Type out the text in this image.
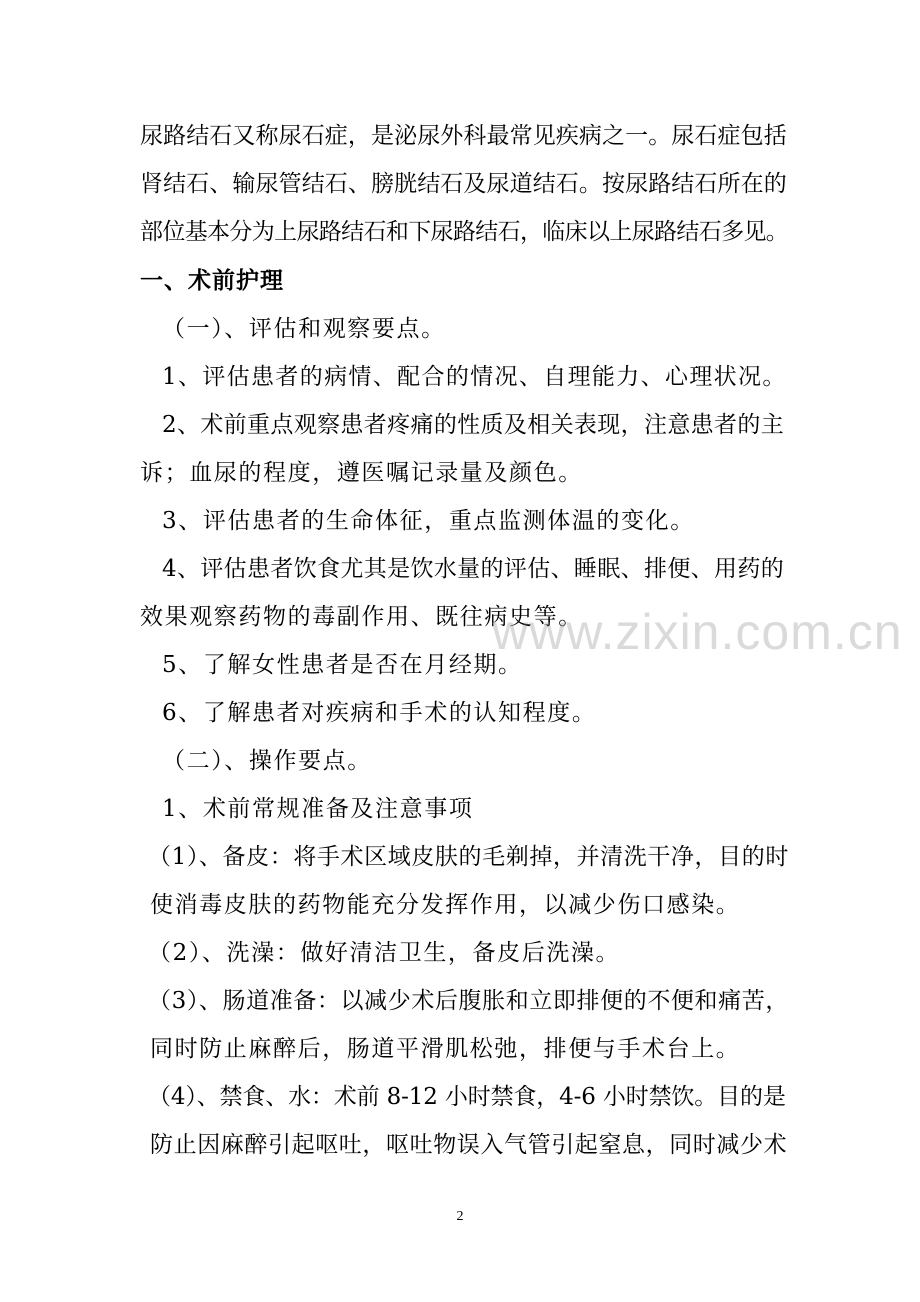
尿路结石又称尿石症，是泌尿外科最常见疾病之一。尿石症包括
肾结石、输尿管结石、膀胱结石及尿道结石。按尿路结石所在的
部位基本分为上尿路结石和下尿路结石，临床以上尿路结石多见。
一、术前护理
（一）、评估和观察要点。
1、评估患者的病情、配合的情况、自理能力、心理状况。
2、术前重点观察患者疼痛的性质及相关表现，注意患者的主
诉；血尿的程度，遵医嘱记录量及颜色。
3、评估患者的生命体征，重点监测体温的变化。
4、评估患者饮食尤其是饮水量的评估、睡眠、排便、用药的
效果观察药物的毒副作用、既往病史等。
5、了解女性患者是否在月经期。
6、了解患者对疾病和手术的认知程度。
（二）、操作要点。
1、术前常规准备及注意事项
（1）、备皮：将手术区域皮肤的毛剃掉，并清洗干净，目的时
使消毒皮肤的药物能充分发挥作用，以减少伤口感染。
（2）、洗澡：做好清洁卫生，备皮后洗澡。
（3）、肠道准备：以减少术后腹胀和立即排便的不便和痛苦，
同时防止麻醉后，肠道平滑肌松弛，排便与手术台上。
（4）、禁食、水：术前 8-12 小时禁食，4-6 小时禁饮。目的是
防止因麻醉引起呕吐，呕吐物误入气管引起窒息，同时减少术
www.zixin.com.cn
2
